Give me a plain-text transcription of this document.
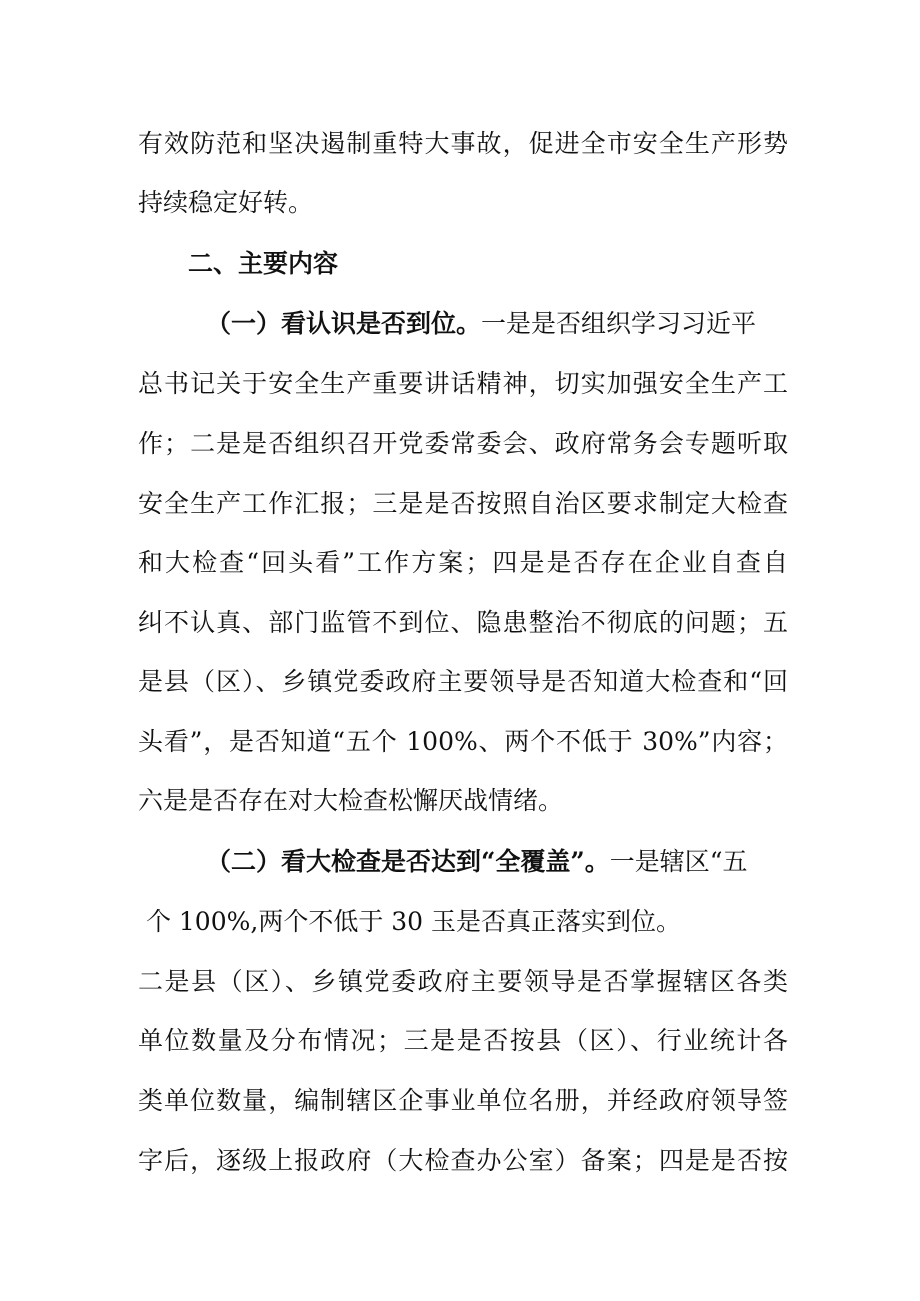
有效防范和坚决遏制重特大事故，促进全市安全生产形势
持续稳定好转。
二、主要内容
（一）看认识是否到位。一是是否组织学习习近平
总书记关于安全生产重要讲话精神，切实加强安全生产工
作；二是是否组织召开党委常委会、政府常务会专题听取
安全生产工作汇报；三是是否按照自治区要求制定大检查
和大检查“回头看”工作方案；四是是否存在企业自查自
纠不认真、部门监管不到位、隐患整治不彻底的问题；五
是县（区）、乡镇党委政府主要领导是否知道大检查和“回
头看”，是否知道“五个 100%、两个不低于 30%”内容；
六是是否存在对大检查松懈厌战情绪。
（二）看大检查是否达到“全覆盖”。一是辖区“五
个 100%,两个不低于 30 玉是否真正落实到位。
二是县（区）、乡镇党委政府主要领导是否掌握辖区各类
单位数量及分布情况；三是是否按县（区）、行业统计各
类单位数量，编制辖区企事业单位名册，并经政府领导签
字后，逐级上报政府（大检查办公室）备案；四是是否按
